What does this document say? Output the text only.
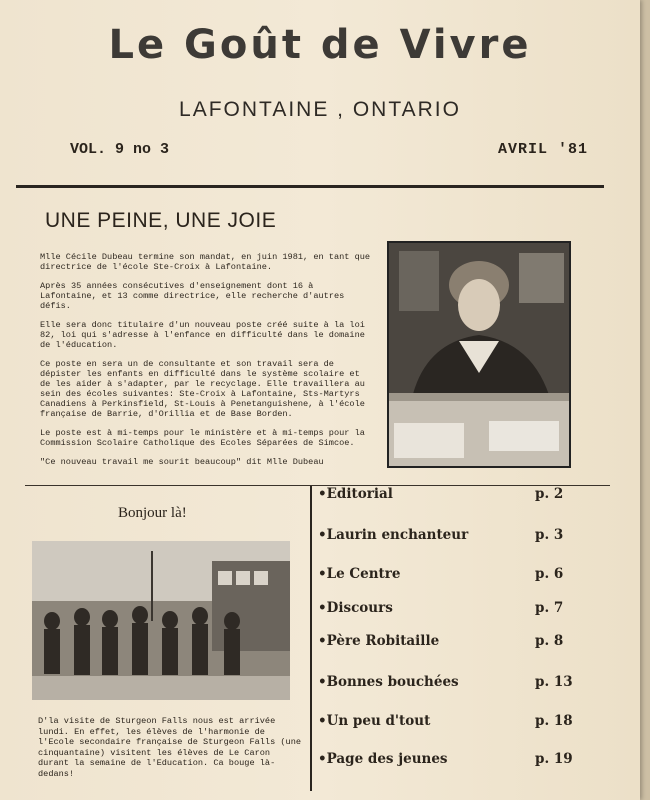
Le Goût de Vivre
LAFONTAINE , ONTARIO
VOL. 9 no 3	AVRIL '81
UNE PEINE, UNE JOIE

Mlle Cécile Dubeau termine son mandat, en juin 1981, en tant que directrice de l'école Ste-Croix à Lafontaine.

Après 35 années consécutives d'enseignement dont 16 à Lafontaine, et 13 comme directrice, elle recherche d'autres défis.

Elle sera donc titulaire d'un nouveau poste créé suite à la loi 82, loi qui s'adresse à l'enfance en difficulté dans le domaine de l'éducation.

Ce poste en sera un de consultante et son travail sera de dépister les enfants en difficulté dans le système scolaire et de les aider à s'adapter, par le recyclage. Elle travaillera au sein des écoles suivantes: Ste-Croix à Lafontaine, Sts-Martyrs Canadiens à Perkinsfield, St-Louis à Penetanguishene, à l'école française de Barrie, d'Orillia et de Base Borden.

Le poste est à mi-temps pour le ministère et à mi-temps pour la Commission Scolaire Catholique des Ecoles Séparées de Simcoe.

"Ce nouveau travail me sourit beaucoup" dit Mlle Dubeau

Bonjour là!
D'la visite de Sturgeon Falls nous est arrivée lundi. En effet, les élèves de l'harmonie de l'Ecole secondaire française de Sturgeon Falls (une cinquantaine) visitent les élèves de Le Caron durant la semaine de l'Education. Ca bouge là-dedans!
•Editorial	p. 2
•Laurin enchanteur	p. 3
•Le Centre	p. 6
•Discours	p. 7
•Père Robitaille	p. 8
•Bonnes bouchées	p. 13
•Un peu d'tout	p. 18
•Page des jeunes	p. 19
